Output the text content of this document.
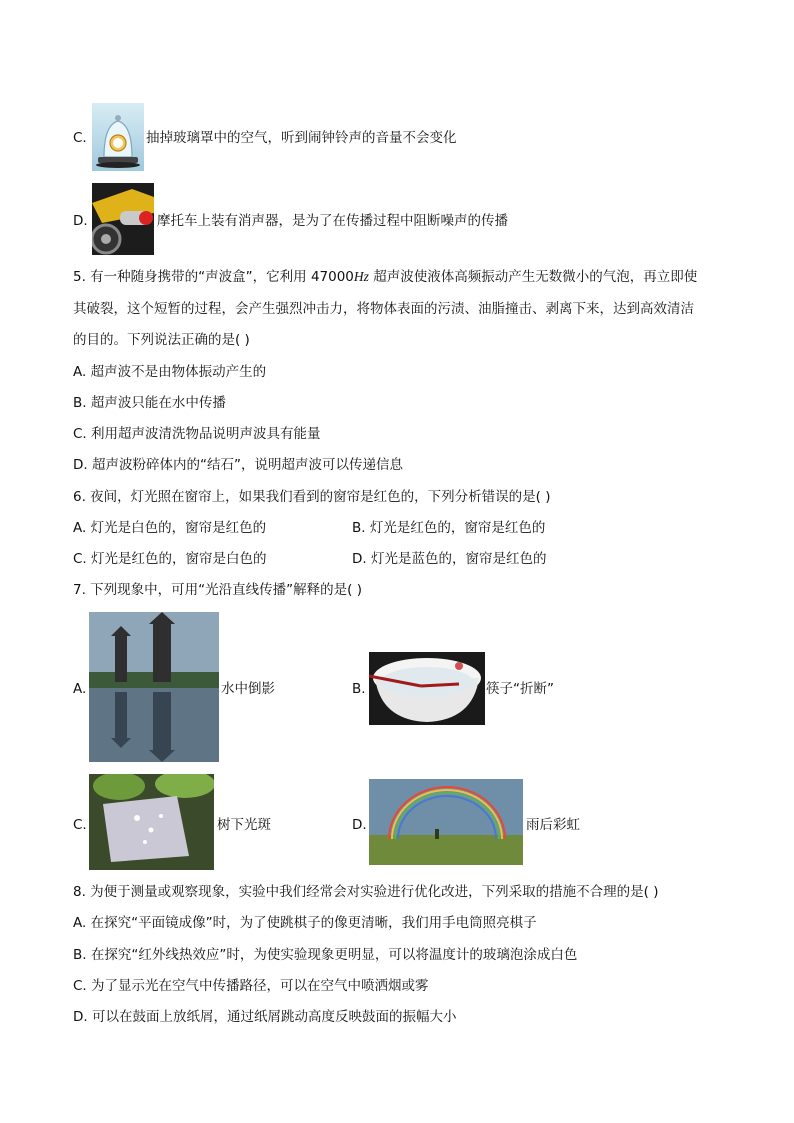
C.	抽掉玻璃罩中的空气，听到闹钟铃声的音量不会变化
D.	摩托车上装有消声器，是为了在传播过程中阻断噪声的传播
5. 有一种随身携带的“声波盒”，它利用 47000Hz 超声波使液体高频振动产生无数微小的气泡，再立即使
其破裂，这个短暂的过程，会产生强烈冲击力，将物体表面的污渍、油脂撞击、剥离下来，达到高效清洁
的目的。下列说法正确的是( )
A. 超声波不是由物体振动产生的
B. 超声波只能在水中传播
C. 利用超声波清洗物品说明声波具有能量
D. 超声波粉碎体内的“结石”，说明超声波可以传递信息
6. 夜间，灯光照在窗帘上，如果我们看到的窗帘是红色的，下列分析错误的是( )
A. 灯光是白色的，窗帘是红色的	B. 灯光是红色的，窗帘是红色的
C. 灯光是红色的，窗帘是白色的	D. 灯光是蓝色的，窗帘是红色的
7. 下列现象中，可用“光沿直线传播”解释的是( )
A.	水中倒影	B.	筷子“折断”
C.	树下光斑	D.	雨后彩虹
8. 为便于测量或观察现象，实验中我们经常会对实验进行优化改进，下列采取的措施不合理的是( )
A. 在探究“平面镜成像”时，为了使跳棋子的像更清晰，我们用手电筒照亮棋子
B. 在探究“红外线热效应”时，为使实验现象更明显，可以将温度计的玻璃泡涂成白色
C. 为了显示光在空气中传播路径，可以在空气中喷洒烟或雾
D. 可以在鼓面上放纸屑，通过纸屑跳动高度反映鼓面的振幅大小
